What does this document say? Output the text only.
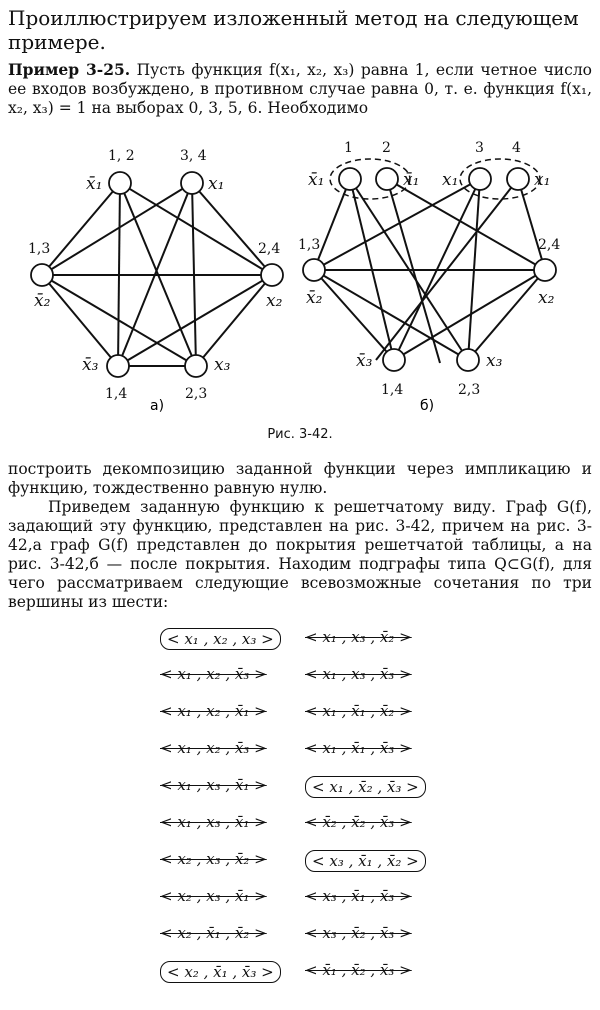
Проиллюстрируем изложенный метод на следующем примере.
Пример 3-25. Пусть функция f(x₁, x₂, x₃) равна 1, если четное число ее входов возбуждено, в противном случае равна 0, т. е. функция f(x₁, x₂, x₃) = 1 на выборах 0, 3, 5, 6. Необходимо
1, 2	3, 4
1,3	2,4
1,4	2,3
x̄₁	x₁
x̄₂	x₂
x̄₃	x₃
а)
1 2	3 4
1,3	2,4
1,4	2,3
x̄₁	x̄₁ x₁	x₁
x̄₂	x₂
x̄₃	x₃
б)
Рис. 3-42.
построить декомпозицию заданной функции через импликацию и функцию, тождественно равную нулю.
Приведем заданную функцию к решетчатому виду. Граф G(f), задающий эту функцию, представлен на рис. 3-42, причем на рис. 3-42,а граф G(f) представлен до покрытия решетчатой таблицы, а на рис. 3-42,б — после покрытия. Находим подграфы типа Q⊂G(f), для чего рассматриваем следующие всевозможные сочетания по три вершины из шести:
< x₁ , x₂ , x₃ >	< x₁ , x₃ , x̄₂ >
< x₁ , x₂ , x̄₃ >	< x₁ , x₃ , x̄₃ >
< x₁ , x₂ , x̄₁ >	< x₁ , x̄₁ , x̄₂ >
< x₁ , x₂ , x̄₃ >	< x₁ , x̄₁ , x̄₃ >
< x₁ , x₃ , x̄₁ >	< x₁ , x̄₂ , x̄₃ >
< x₁ , x₃ , x̄₁ >	< x̄₂ , x̄₂ , x̄₃ >
< x₂ , x₃ , x̄₂ >	< x₃ , x̄₁ , x̄₂ >
< x₂ , x₃ , x̄₁ >	< x₃ , x̄₁ , x̄₃ >
< x₂ , x̄₁ , x̄₂ >	< x₃ , x̄₂ , x̄₃ >
< x₂ , x̄₁ , x̄₃ >	< x̄₁ , x̄₂ , x̄₃ >
